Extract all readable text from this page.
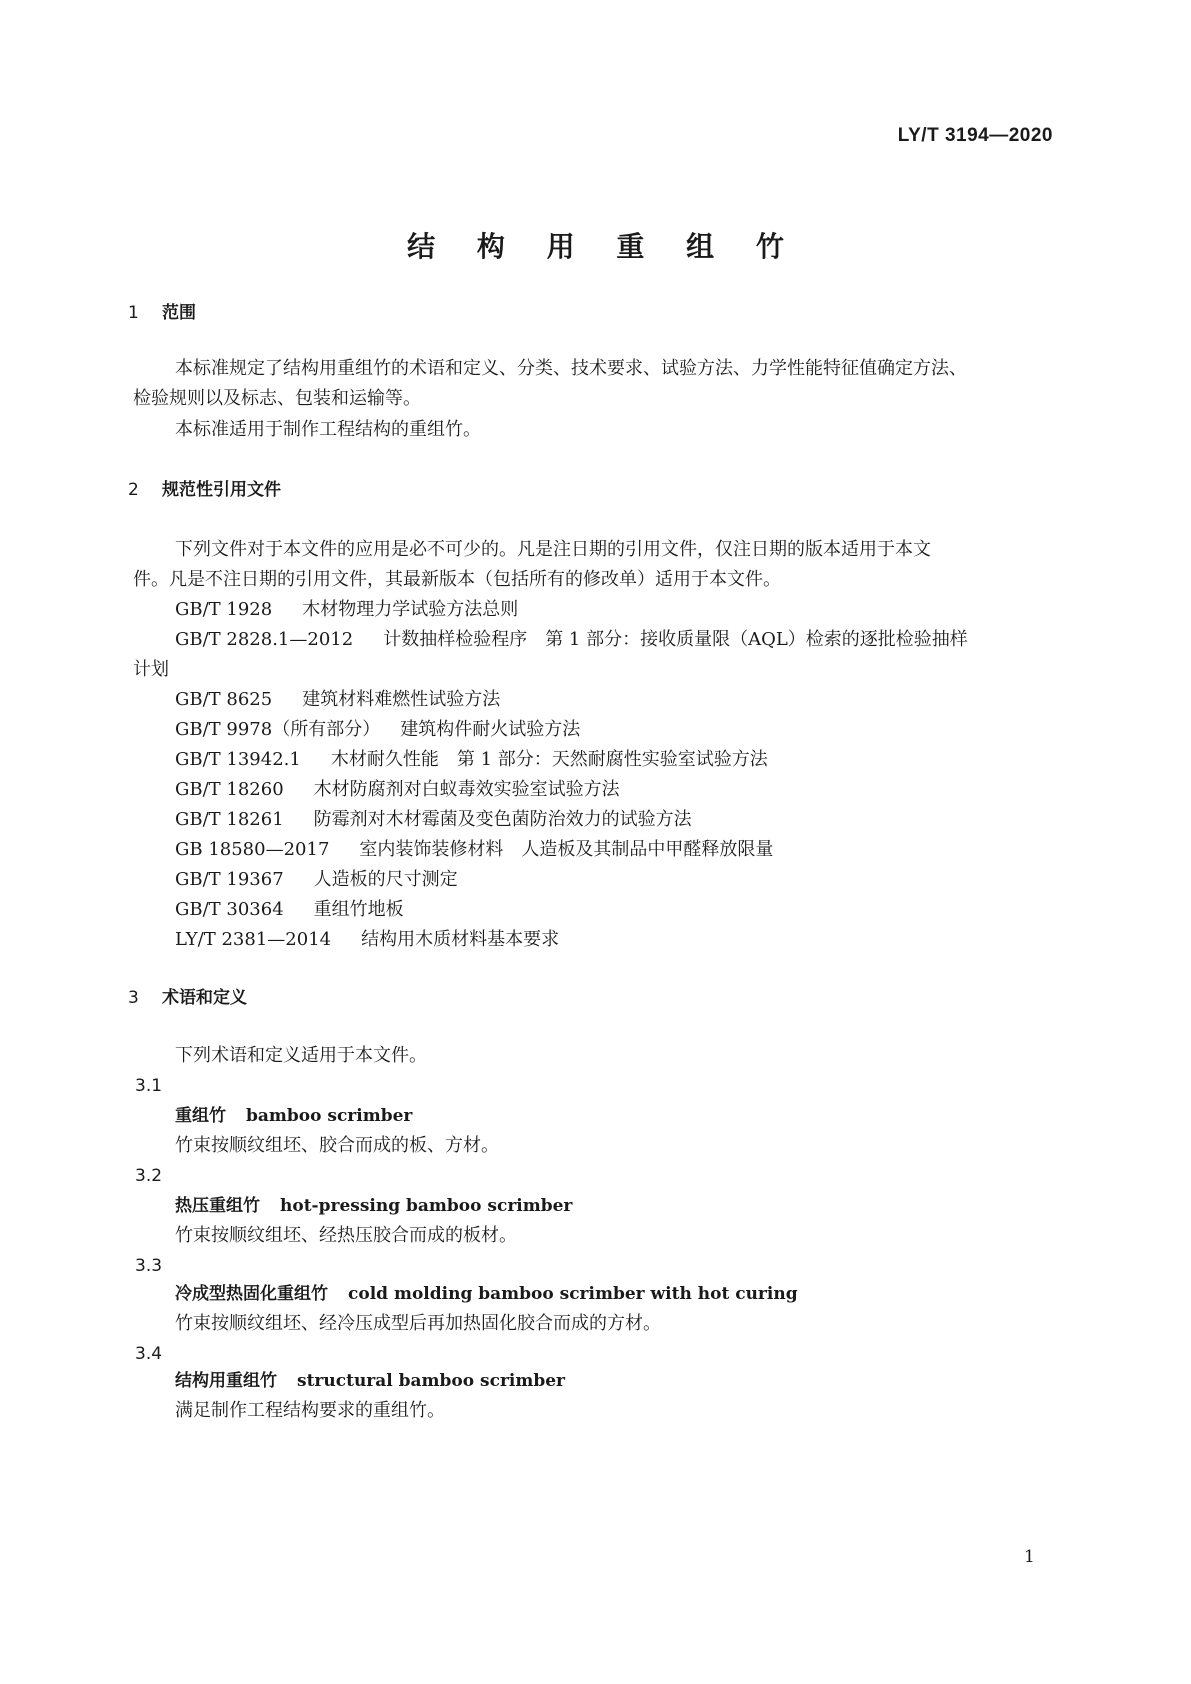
LY/T 3194—2020
结 构 用 重 组 竹
1 范围
本标准规定了结构用重组竹的术语和定义、分类、技术要求、试验方法、力学性能特征值确定方法、
检验规则以及标志、包装和运输等。
本标准适用于制作工程结构的重组竹。
2 规范性引用文件
下列文件对于本文件的应用是必不可少的。凡是注日期的引用文件，仅注日期的版本适用于本文
件。凡是不注日期的引用文件，其最新版本（包括所有的修改单）适用于本文件。
GB/T 1928 木材物理力学试验方法总则
GB/T 2828.1—2012 计数抽样检验程序　第 1 部分：接收质量限（AQL）检索的逐批检验抽样
计划
GB/T 8625 建筑材料难燃性试验方法
GB/T 9978（所有部分） 建筑构件耐火试验方法
GB/T 13942.1 木材耐久性能　第 1 部分：天然耐腐性实验室试验方法
GB/T 18260 木材防腐剂对白蚁毒效实验室试验方法
GB/T 18261 防霉剂对木材霉菌及变色菌防治效力的试验方法
GB 18580—2017 室内装饰装修材料　人造板及其制品中甲醛释放限量
GB/T 19367 人造板的尺寸测定
GB/T 30364 重组竹地板
LY/T 2381—2014 结构用木质材料基本要求
3 术语和定义
下列术语和定义适用于本文件。
3.1
重组竹 bamboo scrimber
竹束按顺纹组坯、胶合而成的板、方材。
3.2
热压重组竹 hot-pressing bamboo scrimber
竹束按顺纹组坯、经热压胶合而成的板材。
3.3
冷成型热固化重组竹 cold molding bamboo scrimber with hot curing
竹束按顺纹组坯、经冷压成型后再加热固化胶合而成的方材。
3.4
结构用重组竹 structural bamboo scrimber
满足制作工程结构要求的重组竹。
1
